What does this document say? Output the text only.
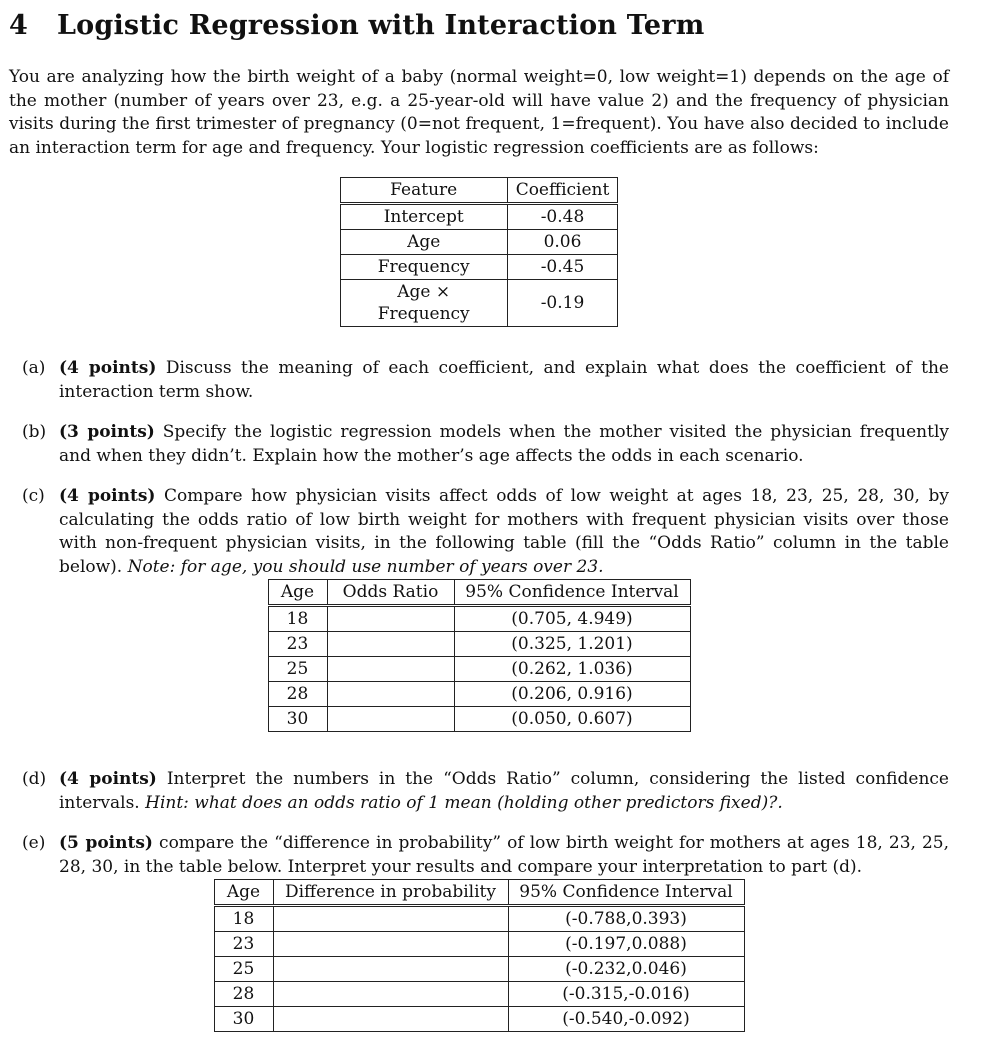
4 Logistic Regression with Interaction Term

You are analyzing how the birth weight of a baby (normal weight=0, low weight=1) depends on the age of the mother (number of years over 23, e.g. a 25-year-old will have value 2) and the frequency of physician visits during the first trimester of pregnancy (0=not frequent, 1=frequent). You have also decided to include an interaction term for age and frequency. Your logistic regression coefficients are as follows:

Feature	Coefficient
Intercept	-0.48
Age	0.06
Frequency	-0.45
Age × Frequency	-0.19
(a) (4 points) Discuss the meaning of each coefficient, and explain what does the coefficient of the interaction term show.
(b) (3 points) Specify the logistic regression models when the mother visited the physician frequently and when they didn’t. Explain how the mother’s age affects the odds in each scenario.
(c) (4 points) Compare how physician visits affect odds of low weight at ages 18, 23, 25, 28, 30, by calculating the odds ratio of low birth weight for mothers with frequent physician visits over those with non-frequent physician visits, in the following table (fill the “Odds Ratio” column in the table below). Note: for age, you should use number of years over 23.
Age	Odds Ratio	95% Confidence Interval
18		(0.705, 4.949)
23		(0.325, 1.201)
25		(0.262, 1.036)
28		(0.206, 0.916)
30		(0.050, 0.607)
(d) (4 points) Interpret the numbers in the “Odds Ratio” column, considering the listed confidence intervals. Hint: what does an odds ratio of 1 mean (holding other predictors fixed)?.
(e) (5 points) compare the “difference in probability” of low birth weight for mothers at ages 18, 23, 25, 28, 30, in the table below. Interpret your results and compare your interpretation to part (d).
Age	Difference in probability	95% Confidence Interval
18		(-0.788,0.393)
23		(-0.197,0.088)
25		(-0.232,0.046)
28		(-0.315,-0.016)
30		(-0.540,-0.092)
